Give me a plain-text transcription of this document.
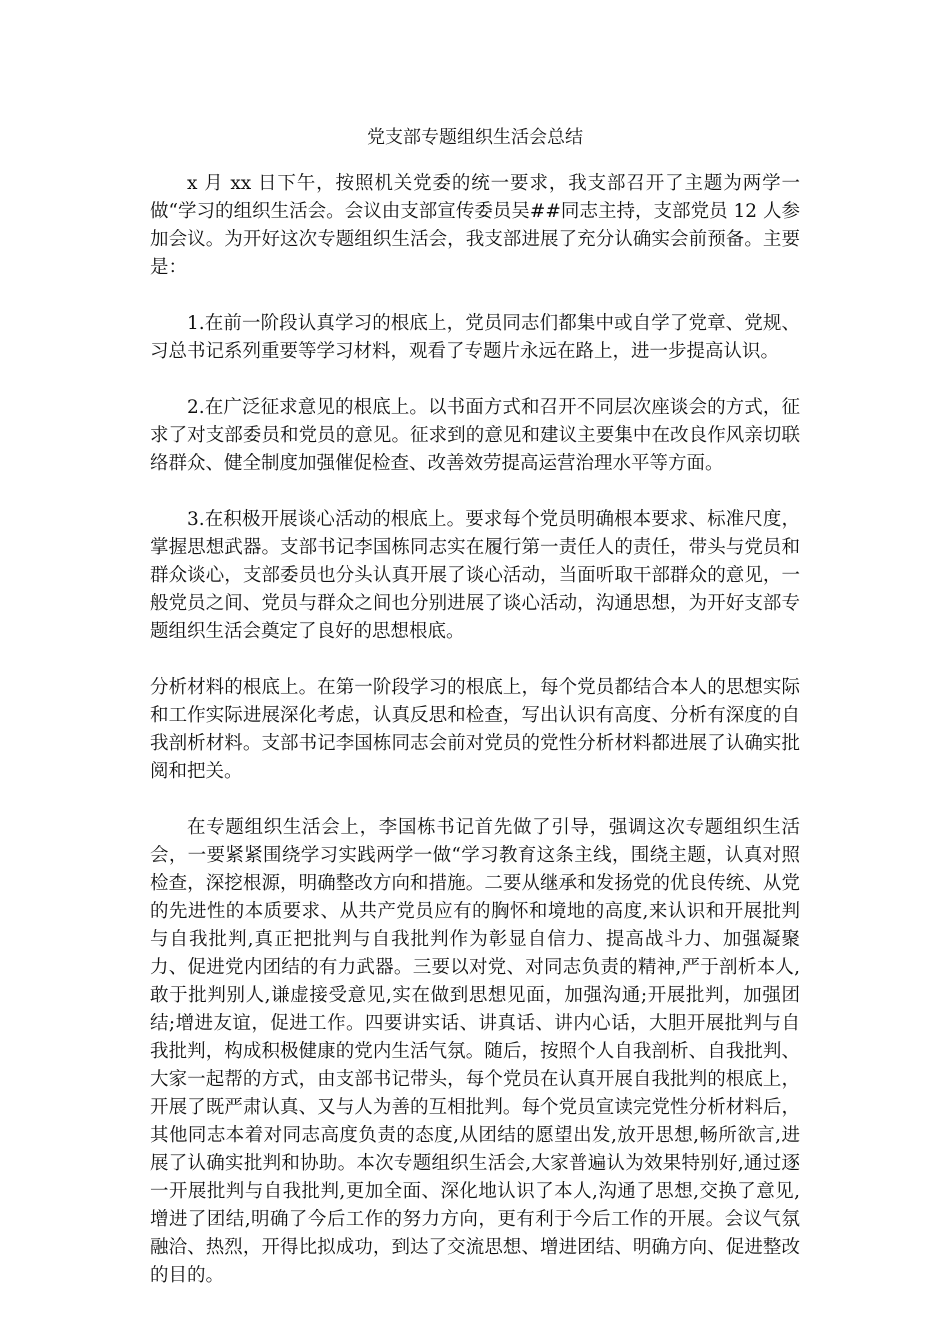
党支部专题组织生活会总结

x 月 xx 日下午，按照机关党委的统一要求，我支部召开了主题为两学一做“学习的组织生活会。会议由支部宣传委员吴##同志主持，支部党员 12 人参加会议。为开好这次专题组织生活会，我支部进展了充分认确实会前预备。主要是：

1.在前一阶段认真学习的根底上，党员同志们都集中或自学了党章、党规、习总书记系列重要等学习材料，观看了专题片永远在路上，进一步提高认识。

2.在广泛征求意见的根底上。以书面方式和召开不同层次座谈会的方式，征求了对支部委员和党员的意见。征求到的意见和建议主要集中在改良作风亲切联络群众、健全制度加强催促检查、改善效劳提高运营治理水平等方面。

3.在积极开展谈心活动的根底上。要求每个党员明确根本要求、标准尺度，掌握思想武器。支部书记李国栋同志实在履行第一责任人的责任，带头与党员和群众谈心，支部委员也分头认真开展了谈心活动，当面听取干部群众的意见，一般党员之间、党员与群众之间也分别进展了谈心活动，沟通思想，为开好支部专题组织生活会奠定了良好的思想根底。

分析材料的根底上。在第一阶段学习的根底上，每个党员都结合本人的思想实际和工作实际进展深化考虑，认真反思和检查，写出认识有高度、分析有深度的自我剖析材料。支部书记李国栋同志会前对党员的党性分析材料都进展了认确实批阅和把关。

在专题组织生活会上，李国栋书记首先做了引导，强调这次专题组织生活会，一要紧紧围绕学习实践两学一做“学习教育这条主线，围绕主题，认真对照检查，深挖根源，明确整改方向和措施。二要从继承和发扬党的优良传统、从党的先进性的本质要求、从共产党员应有的胸怀和境地的高度,来认识和开展批判与自我批判,真正把批判与自我批判作为彰显自信力、提高战斗力、加强凝聚力、促进党内团结的有力武器。三要以对党、对同志负责的精神,严于剖析本人,敢于批判别人,谦虚接受意见,实在做到思想见面，加强沟通;开展批判，加强团结;增进友谊，促进工作。四要讲实话、讲真话、讲内心话，大胆开展批判与自我批判，构成积极健康的党内生活气氛。随后，按照个人自我剖析、自我批判、大家一起帮的方式，由支部书记带头，每个党员在认真开展自我批判的根底上，开展了既严肃认真、又与人为善的互相批判。每个党员宣读完党性分析材料后，其他同志本着对同志高度负责的态度,从团结的愿望出发,放开思想,畅所欲言,进展了认确实批判和协助。本次专题组织生活会,大家普遍认为效果特别好,通过逐一开展批判与自我批判,更加全面、深化地认识了本人,沟通了思想,交换了意见,增进了团结,明确了今后工作的努力方向，更有利于今后工作的开展。会议气氛融洽、热烈，开得比拟成功，到达了交流思想、增进团结、明确方向、促进整改的目的。
